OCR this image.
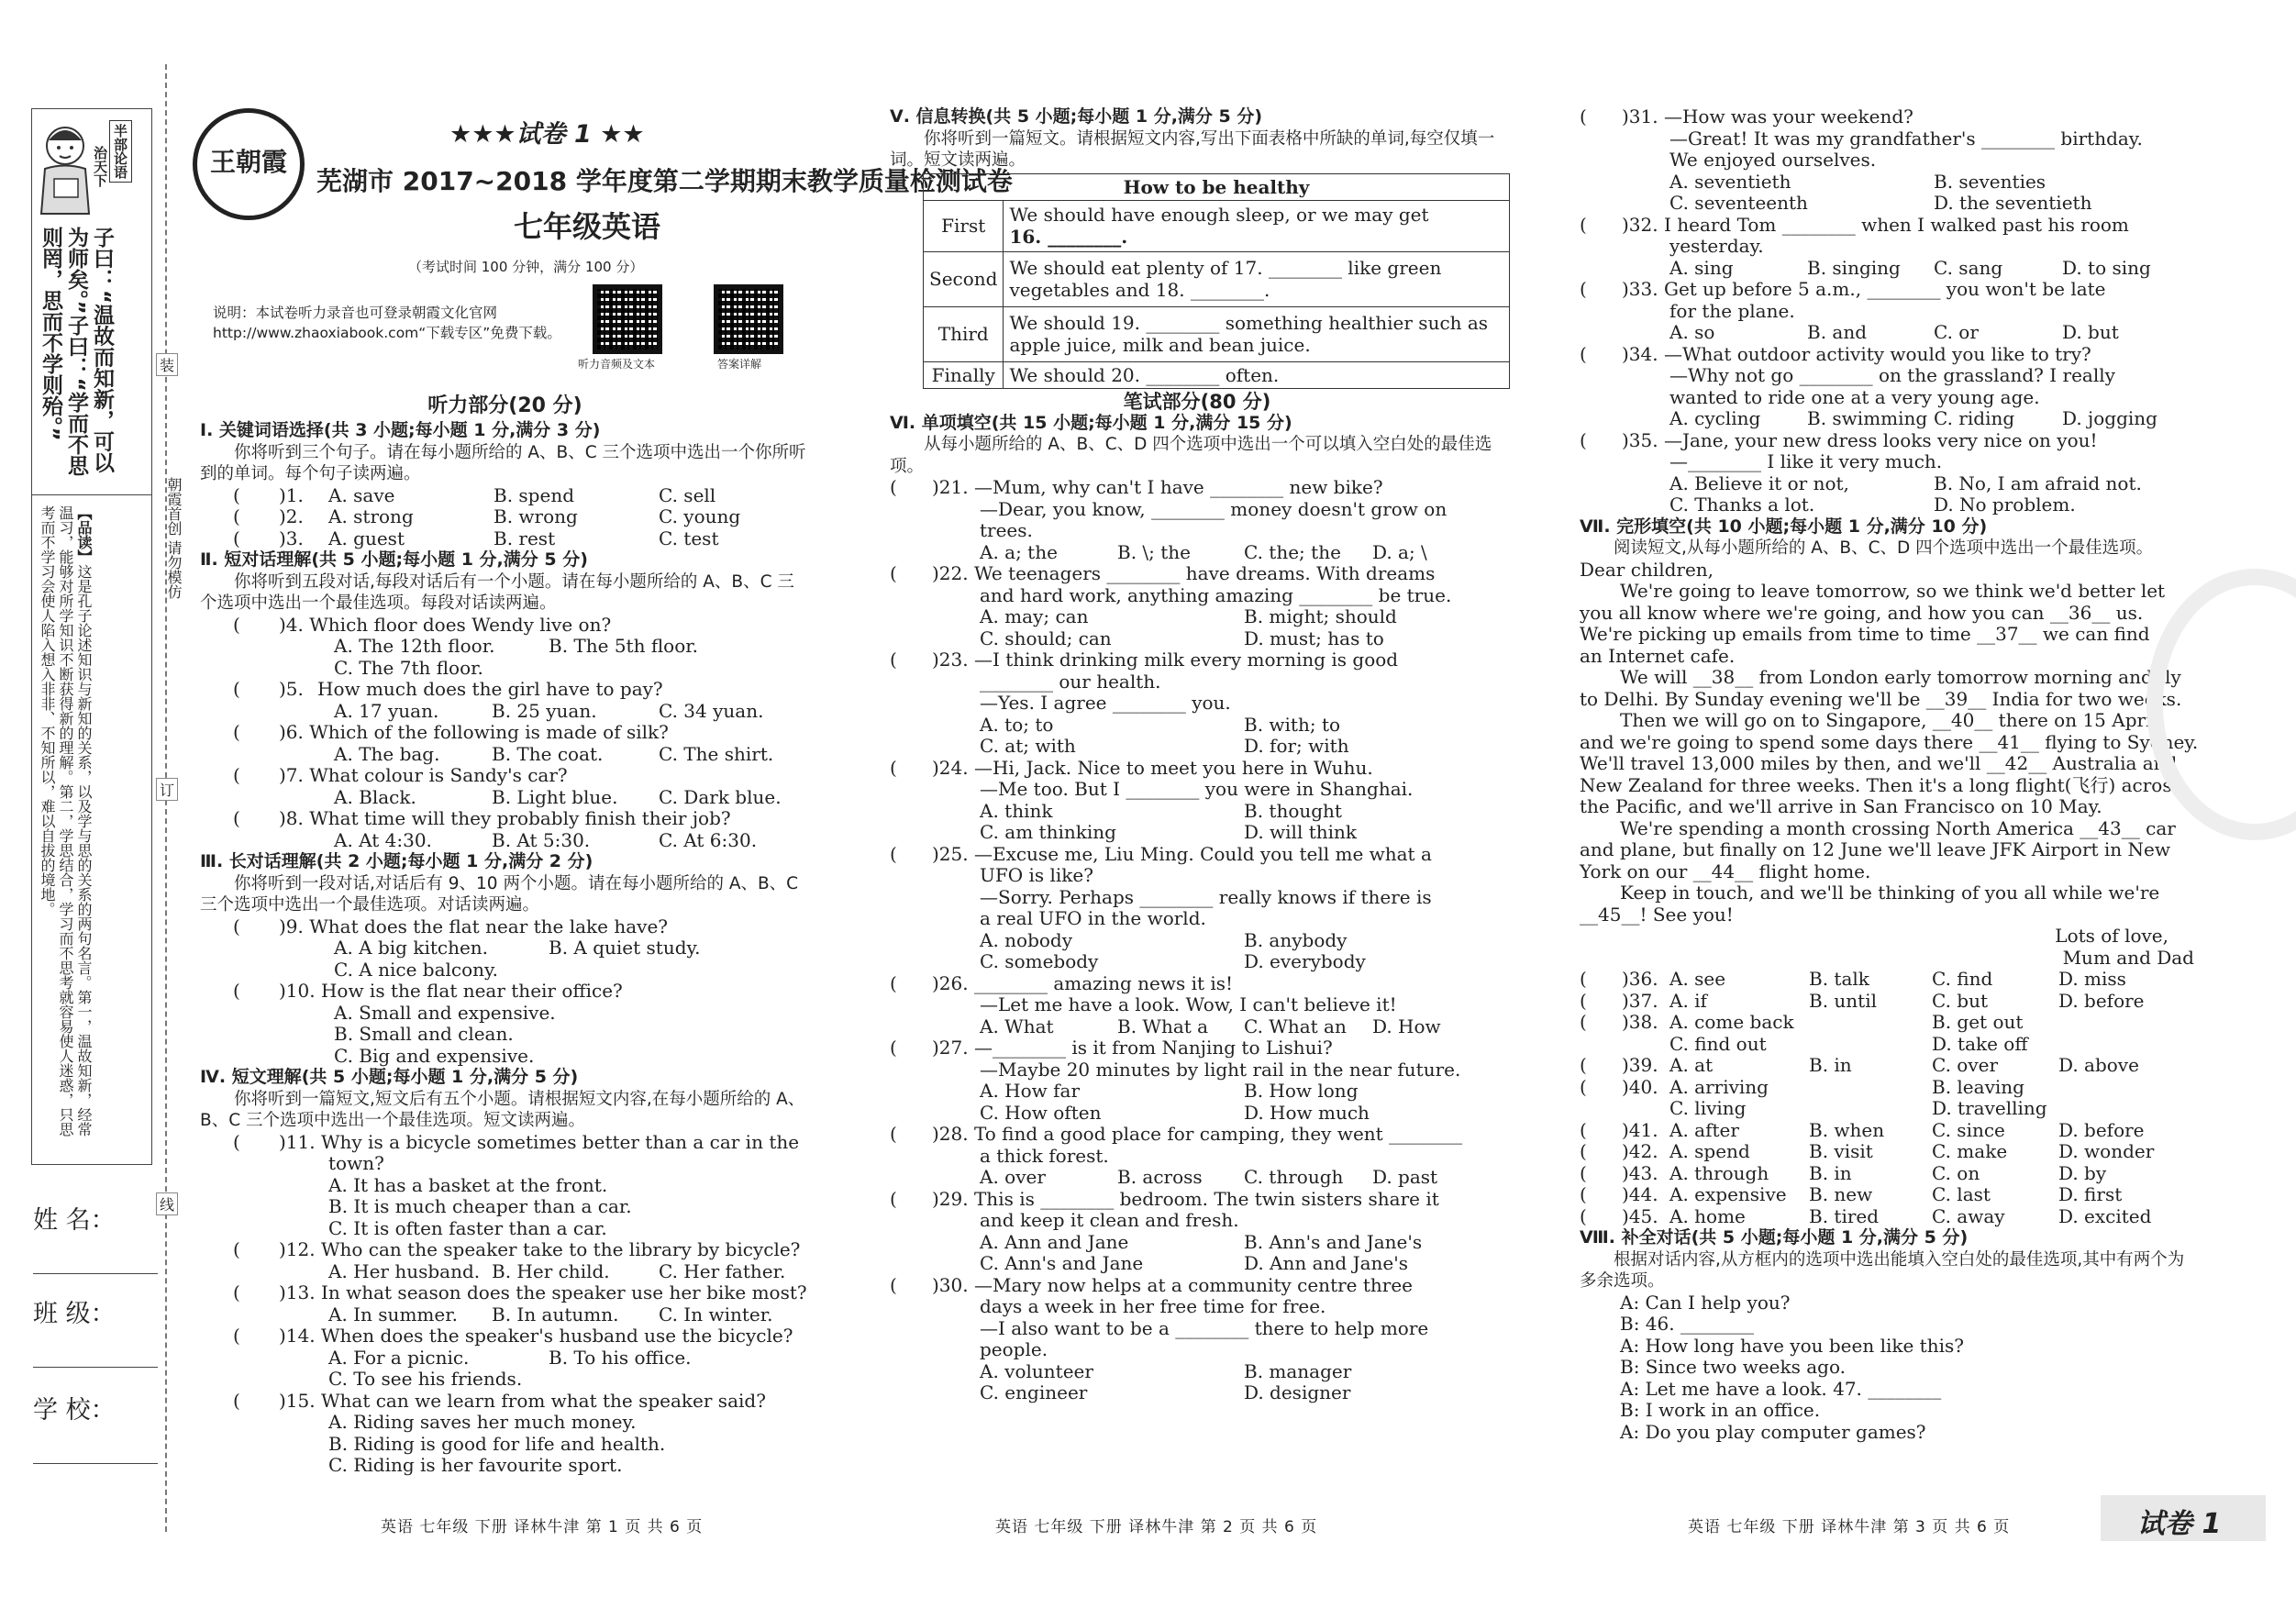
半部论语
治天下
子曰：“温故而知新，可以为师矣。”子曰：“学而不思则罔，思而不学则殆。”
【品读】这是孔子论述知识与新知的关系，以及学与思的关系的两句名言。第一，温故知新，经常温习，能够对所学知识不断获得新的理解。第二，学思结合，学习而不思考就容易使人迷惑，只思考而不学习会使人陷入想入非非、不知所以，难以自拔的境地。	朝霞首创 请勿模仿
装
订
线
姓 名：
班 级：
学 校：
王朝霞
★★★试卷 1 ★★
芜湖市 2017~2018 学年度第二学期期末教学质量检测试卷
七年级英语
（考试时间 100 分钟，满分 100 分）
说明：本试卷听力录音也可登录朝霞文化官网 http://www.zhaoxiabook.com“下载专区”免费下载。
听力音频及文本	答案详解
听力部分(20 分)
Ⅰ. 关键词语选择(共 3 小题;每小题 1 分,满分 3 分)
你将听到三个句子。请在每小题所给的 A、B、C 三个选项中选出一个你所听到的单词。每个句子读两遍。
( )1. A. save	B. spend	C. sell
( )2. A. strong	B. wrong	C. young
( )3. A. guest	B. rest	C. test
Ⅱ. 短对话理解(共 5 小题;每小题 1 分,满分 5 分)
你将听到五段对话,每段对话后有一个小题。请在每小题所给的 A、B、C 三个选项中选出一个最佳选项。每段对话读两遍。
( )4. Which floor does Wendy live on?
A. The 12th floor.	B. The 5th floor.
C. The 7th floor.
( )5. How much does the girl have to pay?
A. 17 yuan.	B. 25 yuan.	C. 34 yuan.
( )6. Which of the following is made of silk?
A. The bag.	B. The coat.	C. The shirt.
( )7. What colour is Sandy's car?
A. Black.	B. Light blue. C. Dark blue.
( )8. What time will they probably finish their job?
A. At 4:30.	B. At 5:30.	C. At 6:30.
Ⅲ. 长对话理解(共 2 小题;每小题 1 分,满分 2 分)
你将听到一段对话,对话后有 9、10 两个小题。请在每小题所给的 A、B、C 三个选项中选出一个最佳选项。对话读两遍。
( )9. What does the flat near the lake have?
A. A big kitchen.	B. A quiet study.
C. A nice balcony.
( )10. How is the flat near their office?
A. Small and expensive.
B. Small and clean.
C. Big and expensive.
Ⅳ. 短文理解(共 5 小题;每小题 1 分,满分 5 分)
你将听到一篇短文,短文后有五个小题。请根据短文内容,在每小题所给的 A、B、C 三个选项中选出一个最佳选项。短文读两遍。
( )11. Why is a bicycle sometimes better than a car in the
town?
A. It has a basket at the front.
B. It is much cheaper than a car.
C. It is often faster than a car.
( )12. Who can the speaker take to the library by bicycle?
A. Her husband. B. Her child.	C. Her father.
( )13. In what season does the speaker use her bike most?
A. In summer. B. In autumn. C. In winter.
( )14. When does the speaker's husband use the bicycle?
A. For a picnic.	B. To his office.
C. To see his friends.
( )15. What can we learn from what the speaker said?
A. Riding saves her much money.
B. Riding is good for life and health.
C. Riding is her favourite sport.
Ⅴ. 信息转换(共 5 小题;每小题 1 分,满分 5 分)
你将听到一篇短文。请根据短文内容,写出下面表格中所缺的单词,每空仅填一词。短文读两遍。
How to be healthy	
First	We should have enough sleep, or we may get
16. ________.

Second	We should eat plenty of 17. ________ like green
vegetables and 18. ________.

Third	We should 19. ________ something healthier such as
apple juice, milk and bean juice.

Finally	We should 20. ________ often.
笔试部分(80 分)
Ⅵ. 单项填空(共 15 小题;每小题 1 分,满分 15 分)
从每小题所给的 A、B、C、D 四个选项中选出一个可以填入空白处的最佳选项。
( )21. —Mum, why can't I have ________ new bike?
—Dear, you know, ________ money doesn't grow on
trees.
A. a; the	B. \; the	C. the; the D. a; \
( )22. We teenagers ________ have dreams. With dreams
and hard work, anything amazing ________ be true.
A. may; can	B. might; should
C. should; can	D. must; has to
( )23. —I think drinking milk every morning is good
________ our health.
—Yes. I agree ________ you.
A. to; to	B. with; to
C. at; with	D. for; with
( )24. —Hi, Jack. Nice to meet you here in Wuhu.
—Me too. But I ________ you were in Shanghai.
A. think	B. thought
C. am thinking	D. will think
( )25. —Excuse me, Liu Ming. Could you tell me what a
UFO is like?
—Sorry. Perhaps ________ really knows if there is
a real UFO in the world.
A. nobody	B. anybody
C. somebody	D. everybody
( )26. ________ amazing news it is!
—Let me have a look. Wow, I can't believe it!
A. What	B. What a C. What an D. How
( )27. —________ is it from Nanjing to Lishui?
—Maybe 20 minutes by light rail in the near future.
A. How far	B. How long
C. How often	D. How much
( )28. To find a good place for camping, they went ________
a thick forest.
A. over	B. across C. through D. past
( )29. This is ________ bedroom. The twin sisters share it
and keep it clean and fresh.
A. Ann and Jane	B. Ann's and Jane's
C. Ann's and Jane	D. Ann and Jane's
( )30. —Mary now helps at a community centre three
days a week in her free time for free.
—I also want to be a ________ there to help more
people.
A. volunteer	B. manager
C. engineer	D. designer
( )31. —How was your weekend?
—Great! It was my grandfather's ________ birthday.
We enjoyed ourselves.
A. seventieth	B. seventies
C. seventeenth	D. the seventieth
( )32. I heard Tom ________ when I walked past his room
yesterday.
A. sing	B. singing C. sang	D. to sing
( )33. Get up before 5 a.m., ________ you won't be late
for the plane.
A. so	B. and	C. or	D. but
( )34. —What outdoor activity would you like to try?
—Why not go ________ on the grassland? I really
wanted to ride one at a very young age.
A. cycling	B. swimming C. riding	D. jogging
( )35. —Jane, your new dress looks very nice on you!
—________ I like it very much.
A. Believe it or not,	B. No, I am afraid not.
C. Thanks a lot.	D. No problem.
Ⅶ. 完形填空(共 10 小题;每小题 1 分,满分 10 分)
阅读短文,从每小题所给的 A、B、C、D 四个选项中选出一个最佳选项。
Dear children,
We're going to leave tomorrow, so we think we'd better let
you all know where we're going, and how you can __36__ us.
We're picking up emails from time to time __37__ we can find
an Internet cafe.
We will __38__ from London early tomorrow morning and fly
to Delhi. By Sunday evening we'll be __39__ India for two weeks.
Then we will go on to Singapore, __40__ there on 15 April,
and we're going to spend some days there __41__ flying to Sydney.
We'll travel 13,000 miles by then, and we'll __42__ Australia and
New Zealand for three weeks. Then it's a long flight(飞行) across
the Pacific, and we'll arrive in San Francisco on 10 May.
We're spending a month crossing North America __43__ car
and plane, but finally on 12 June we'll leave JFK Airport in New
York on our __44__ flight home.
Keep in touch, and we'll be thinking of you all while we're
__45__! See you!
Lots of love,
Mum and Dad
( )36. A. see	B. talk	C. find	D. miss
( )37. A. if	B. until	C. but	D. before
( )38. A. come back	B. get out
C. find out	D. take off
( )39. A. at	B. in	C. over	D. above
( )40. A. arriving	B. leaving
C. living	D. travelling
( )41. A. after	B. when	C. since	D. before
( )42. A. spend	B. visit	C. make	D. wonder
( )43. A. through B. in	C. on	D. by
( )44. A. expensive B. new	C. last	D. first
( )45. A. home	B. tired	C. away	D. excited
Ⅷ. 补全对话(共 5 小题;每小题 1 分,满分 5 分)
根据对话内容,从方框内的选项中选出能填入空白处的最佳选项,其中有两个为多余选项。
A: Can I help you?
B: 46. ________
A: How long have you been like this?
B: Since two weeks ago.
A: Let me have a look. 47. ________
B: I work in an office.
A: Do you play computer games?
英语 七年级 下册 译林牛津 第 1 页 共 6 页	英语 七年级 下册 译林牛津 第 2 页 共 6 页	英语 七年级 下册 译林牛津 第 3 页 共 6 页	试卷 1
